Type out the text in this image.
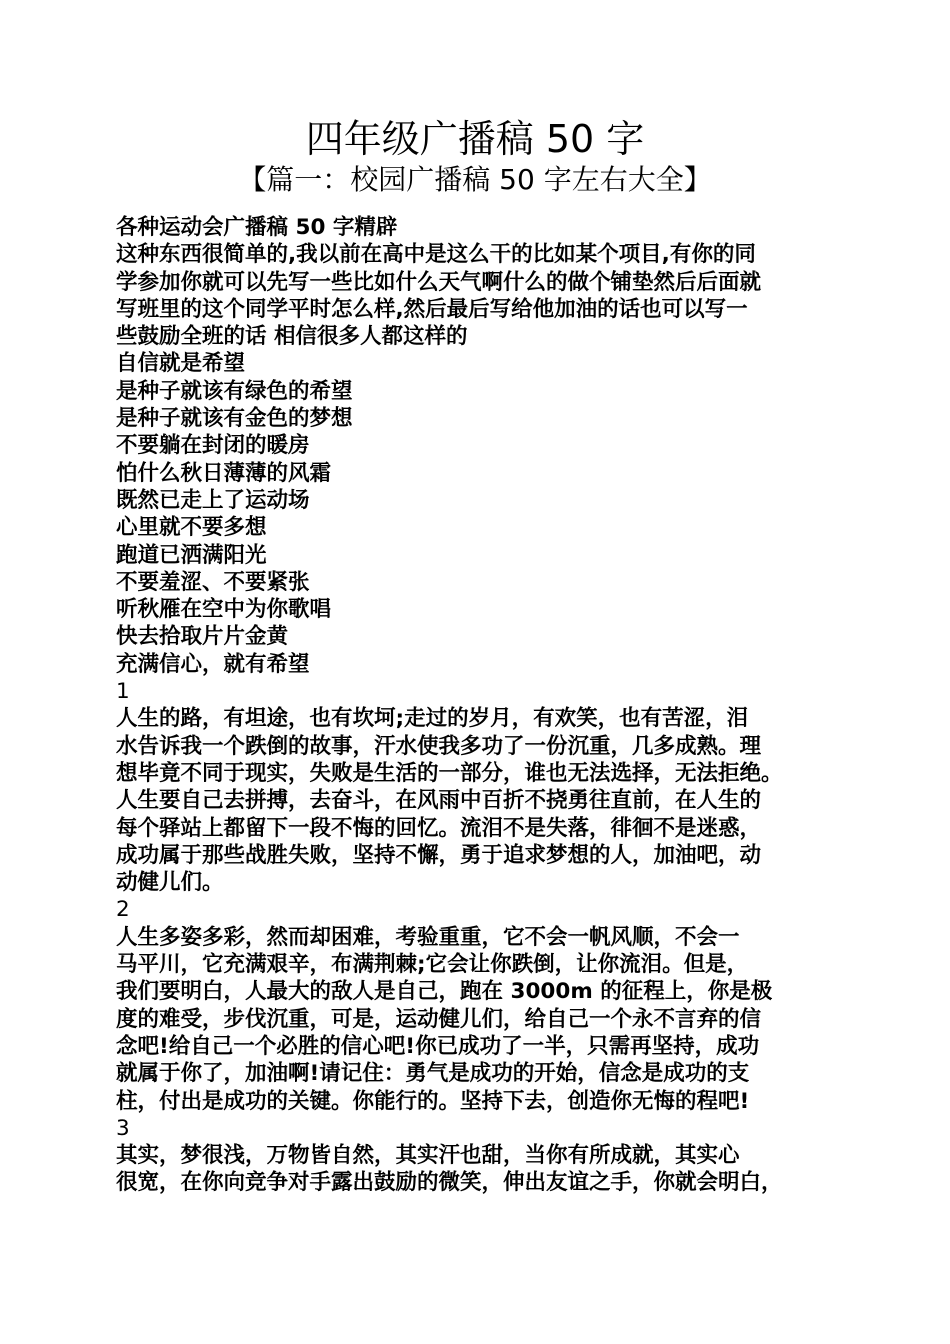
四年级广播稿 50 字
【篇一：校园广播稿 50 字左右大全】
各种运动会广播稿 50 字精辟
这种东西很简单的,我以前在高中是这么干的比如某个项目,有你的同
学参加你就可以先写一些比如什么天气啊什么的做个铺垫然后后面就
写班里的这个同学平时怎么样,然后最后写给他加油的话也可以写一
些鼓励全班的话 相信很多人都这样的
自信就是希望
是种子就该有绿色的希望
是种子就该有金色的梦想
不要躺在封闭的暖房
怕什么秋日薄薄的风霜
既然已走上了运动场
心里就不要多想
跑道已洒满阳光
不要羞涩、不要紧张
听秋雁在空中为你歌唱
快去拾取片片金黄
充满信心，就有希望
1
人生的路，有坦途，也有坎坷;走过的岁月，有欢笑，也有苦涩，泪
水告诉我一个跌倒的故事，汗水使我多功了一份沉重，几多成熟。理
想毕竟不同于现实，失败是生活的一部分，谁也无法选择，无法拒绝。
人生要自己去拼搏，去奋斗，在风雨中百折不挠勇往直前，在人生的
每个驿站上都留下一段不悔的回忆。流泪不是失落，徘徊不是迷惑，
成功属于那些战胜失败，坚持不懈，勇于追求梦想的人，加油吧，动
动健儿们。
2
人生多姿多彩，然而却困难，考验重重，它不会一帆风顺，不会一
马平川，它充满艰辛，布满荆棘;它会让你跌倒，让你流泪。但是，
我们要明白，人最大的敌人是自己，跑在 3000m 的征程上，你是极
度的难受，步伐沉重，可是，运动健儿们，给自己一个永不言弃的信
念吧!给自己一个必胜的信心吧!你已成功了一半，只需再坚持，成功
就属于你了，加油啊!请记住：勇气是成功的开始，信念是成功的支
柱，付出是成功的关键。你能行的。坚持下去，创造你无悔的程吧!
3
其实，梦很浅，万物皆自然，其实汗也甜，当你有所成就，其实心
很宽，在你向竞争对手露出鼓励的微笑，伸出友谊之手，你就会明白，
